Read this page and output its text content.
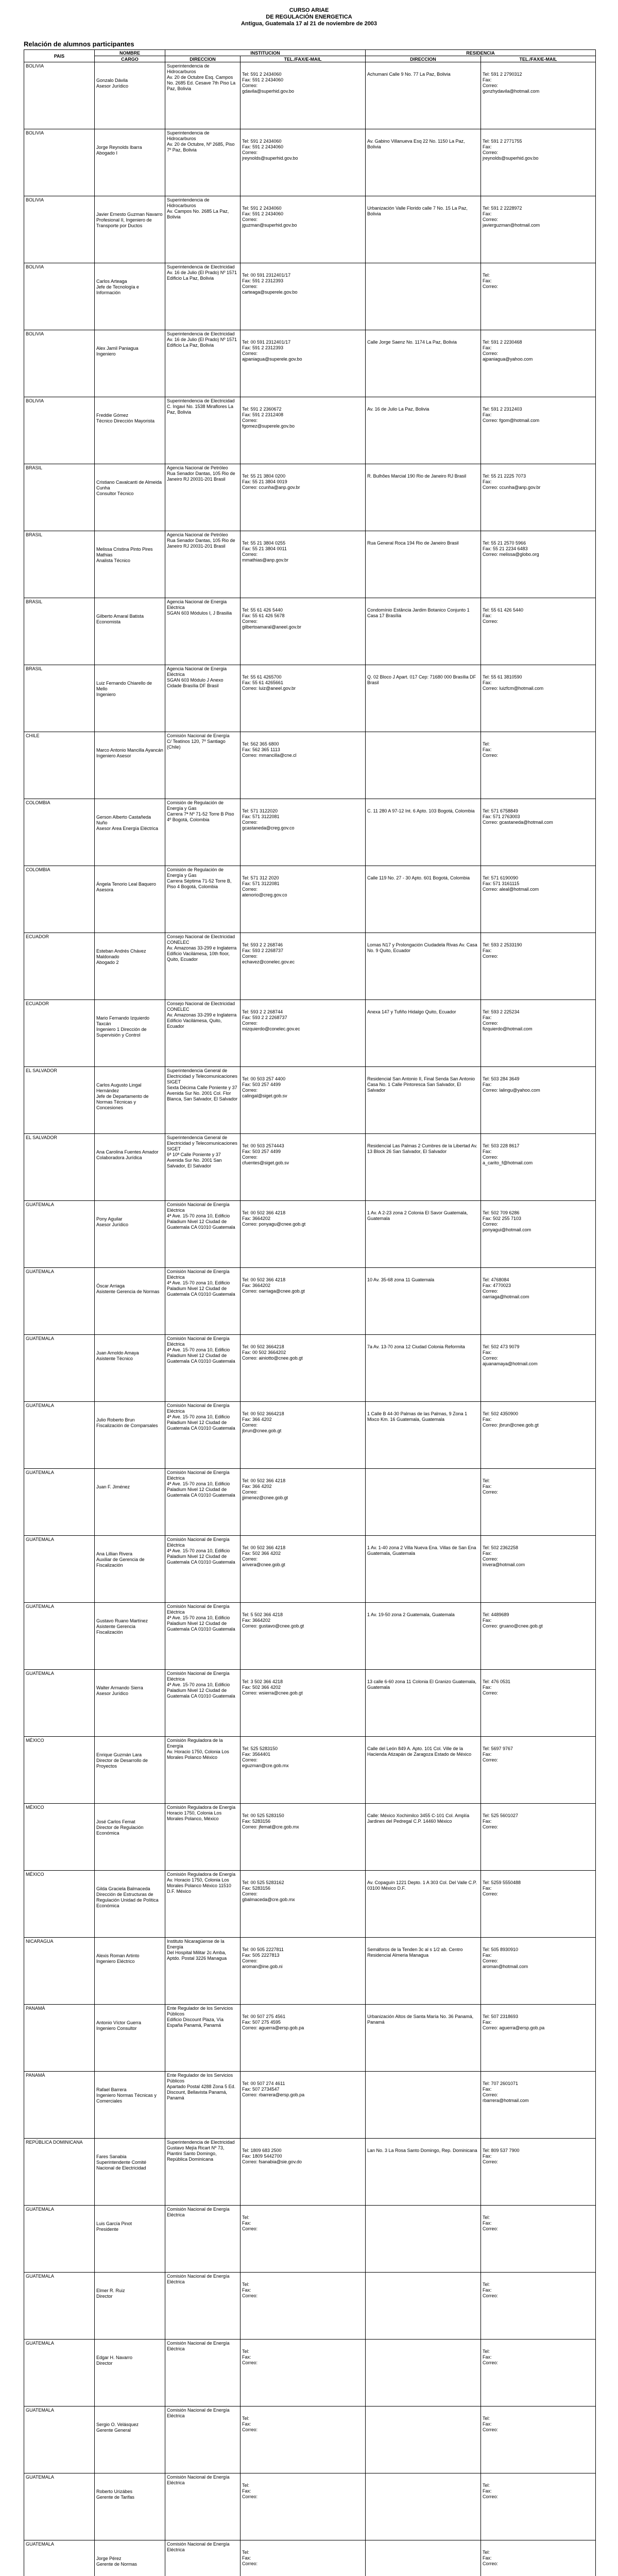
CURSO ARIAE
DE REGULACIÓN ENERGETICA
Antigua, Guatemala 17 al 21 de noviembre de 2003
Relación de alumnos participantes
PAIS	NOMBRE	INSTITUCION		RESIDENCIA	
	CARGO	DIRECCION	TEL./FAX/E-MAIL	DIRECCION	TEL./FAX/E-MAIL
BOLIVIA	Gonzalo Dávila
Asesor Jurídico	Superintendencia de Hidrocarburos
Av. 20 de Octubre Esq. Campos No. 2685 Ed. Cesave 7th Piso La Paz, Bolivia	Tel: 591 2 2434060
Fax: 591 2 2434060
Correo:
gdavila@superhid.gov.bo	Achumani Calle 9 No. 77 La Paz, Bolivia	Tel: 591 2 2790312
Fax:
Correo:
gonzhydavila@hotmail.com

BOLIVIA	Jorge Reynolds Ibarra
Abogado I	Superintendencia de Hidrocarburos
Av. 20 de Octubre, Nº 2685, Piso 7º Paz, Bolivia	Tel: 591 2 2434060
Fax: 591 2 2434060
Correo:
jreynolds@superhid.gov.bo	Av. Gabino Villanueva Esq 22 No. 1150 La Paz, Bolivia	Tel: 591 2 2771755
Fax:
Correo:
jreynolds@superhid.gov.bo

BOLIVIA	Javier Ernesto Guzman Navarro
Profesional II, Ingeniero de Transporte por Ductos	Superintendencia de Hidrocarburos
Av. Campos No. 2685 La Paz, Bolivia	Tel: 591 2 2434060
Fax: 591 2 2434060
Correo:
jguzman@superhid.gov.bo	Urbanización Valle Florido calle 7 No. 15 La Paz, Bolivia	Tel: 591 2 2228972
Fax:
Correo:
javierguzman@hotmail.com

BOLIVIA	Carlos Arteaga
Jefe de Tecnología e Información	Superintendencia de Electricidad
Av. 16 de Julio (El Prado) Nº 1571 Edificio La Paz, Bolivia	Tel: 00 591 2312401/17
Fax: 591 2 2312393
Correo:
carteaga@superele.gov.bo		Tel:
Fax:
Correo:

BOLIVIA	Alex Jamil Paniagua
Ingeniero	Superintendencia de Electricidad
Av. 16 de Julio (El Prado) Nº 1571 Edificio La Paz, Bolivia	Tel: 00 591 2312401/17
Fax: 591 2 2312393
Correo:
ajpaniagua@superele.gov.bo	Calle Jorge Saenz No. 1174 La Paz, Bolivia	Tel: 591 2 2230468
Fax:
Correo:
ajpaniagua@yahoo.com

BOLIVIA	Freddie Gómez
Técnico Dirección Mayorista	Superintendencia de Electricidad
C. Ingavi No. 1538 Miraflores La Paz, Bolivia	Tel: 591 2 2360672
Fax: 591 2 2312408
Correo:
fgomez@superele.gov.bo	Av. 16 de Julio La Paz, Bolivia	Tel: 591 2 2312403
Fax:
Correo: fgom@hotmail.com

BRASIL	Cristiano Cavalcanti de Almeida Cunha
Consultor Técnico	Agencia Nacional de Petróleo
Rua Senador Dantas, 105 Rio de Janeiro RJ 20031-201 Brasil	Tel: 55 21 3804 0200
Fax: 55 21 3804 0019
Correo: ccunha@anp.gov.br	R. Bulhões Marcial 190 Rio de Janeiro RJ Brasil	Tel: 55 21 2225 7073
Fax:
Correo: ccunha@anp.gov.br

BRASIL	Melissa Cristina Pinto Pires Mathias
Analista Técnico	Agencia Nacional de Petróleo
Rua Senador Dantas, 105 Rio de Janeiro RJ 20031-201 Brasil	Tel: 55 21 3804 0255
Fax: 55 21 3804 0011
Correo:
mmathias@anp.gov.br	Rua General Roca 194 Rio de Janeiro Brasil	Tel: 55 21 2570 5966
Fax: 55 21 2234 6483
Correo: melissa@globo.org

BRASIL	Gilberto Amaral Batista
Economista	Agencia Nacional de Energia Eléctrica
SGAN 603 Módulos I, J Brasilia	Tel: 55 61 426 5440
Fax: 55 61 426 5678
Correo:
gilbertoamaral@aneel.gov.br	Condomínio Estância Jardim Botanico Conjunto 1 Casa 17 Brasília	Tel: 55 61 426 5440
Fax:
Correo:

BRASIL	Luiz Fernando Chiarello de Mello
Ingeniero	Agencia Nacional de Energia Eléctrica
SGAN 603 Módulo J Anexo Cidade Brasília DF Brasil	Tel: 55 61 4265700
Fax: 55 61 4265661
Correo: luiz@aneel.gov.br	Q. 02 Bloco J Apart. 017 Cep: 71680 000 Brasília DF Brasil	Tel: 55 61 3810590
Fax:
Correo: luizfcm@hotmail.com

CHILE	Marco Antonio Mancilla Ayancán
Ingeniero Asesor	Comisión Nacional de Energía
C/ Teatinos 120, 7º Santiago (Chile)	Tel: 562 365 6800
Fax: 562 365 1113
Correo: mmancilla@cne.cl		Tel:
Fax:
Correo:

COLOMBIA	Gerson Alberto Castañeda Nuño
Asesor Area Energía Eléctrica	Comisión de Regulación de Energía y Gas
Carrera 7ª Nº 71-52 Torre B Piso 4º Bogotá, Colombia	Tel: 571 3122020
Fax: 571 3122081
Correo:
gcastaneda@creg.gov.co	C. 11 280 A 97-12 Int. 6 Apto. 103 Bogotá, Colombia	Tel: 571 6758849
Fax: 571 2763003
Correo: gcastaneda@hotmail.com

COLOMBIA	Ángela Tenorio Leal Baquero
Asesora	Comisión de Regulación de Energía y Gas
Carrera Séptima 71-52 Torre B, Piso 4 Bogotá, Colombia	Tel: 571 312 2020
Fax: 571 3122081
Correo:
atenorio@creg.gov.co	Calle 119 No. 27 - 30 Apto. 601 Bogotá, Colombia	Tel: 571 6190090
Fax: 571 3161115
Correo: aleal@hotmail.com

ECUADOR	Esteban Andrés Chávez Maldonado
Abogado 2	Consejo Nacional de Electricidad CONELEC
Av. Amazonas 33-299 e Inglaterra Edificio Vacilámesa, 10th floor, Quito, Ecuador	Tel: 593 2 2 268746
Fax: 593 2 2268737
Correo:
echavez@conelec.gov.ec	Lomas N17 y Prolongación Ciudadela Rivas Av. Casa No. 9 Quito, Ecuador	Tel: 593 2 2533190
Fax:
Correo:

ECUADOR	Mario Fernando Izquierdo Taxcán
Ingeniero 1 Dirección de Supervisión y Control	Consejo Nacional de Electricidad CONELEC
Av. Amazonas 33-299 e Inglaterra Edificio Vacilámesa, Quito, Ecuador	Tel: 593 2 2 268744
Fax: 593 2 2 2268737
Correo:
mizquierdo@conelec.gov.ec	Anexa 147 y Tufiño Hidalgo Quito, Ecuador	Tel: 593 2 225234
Fax:
Correo:
fizquierdo@hotmail.com

EL SALVADOR	Carlos Augusto Lingal Hernández
Jefe de Departamento de Normas Técnicas y Concesiones	Superintendencia General de Electricidad y Telecomunicaciones SIGET
Sexta Décima Calle Poniente y 37 Avenida Sur No. 2001 Col. Flor Blanca, San Salvador, El Salvador	Tel: 00 503 257 4400
Fax: 503 257 4499
Correo:
calingal@siget.gob.sv	Residencial San Antonio II, Final Senda San Antonio Casa No. 1 Calle Pintoresca San Salvador, El Salvador	Tel: 503 284 3649
Fax:
Correo: lalingu@yahoo.com

EL SALVADOR	Ana Carolina Fuentes Amador
Colaboradora Jurídica	Superintendencia General de Electricidad y Telecomunicaciones SIGET
6ª 10ª Calle Poniente y 37 Avenida Sur No. 2001 San Salvador, El Salvador	Tel: 00 503 2574443
Fax: 503 257 4499
Correo:
cfuentes@siget.gob.sv	Residencial Las Palmas 2 Cumbres de la Libertad Av. 13 Block 26 San Salvador, El Salvador	Tel: 503 228 8617
Fax:
Correo:
a_carito_f@hotmail.com

GUATEMALA	Pony Aguilar
Asesor Jurídico	Comisión Nacional de Energía Eléctrica
4ª Ave. 15-70 zona 10, Edificio Paladium Nivel 12 Ciudad de Guatemala CA 01010 Guatemala	Tel: 00 502 366 4218
Fax: 3664202
Correo: ponyagu@cnee.gob.gt	1 Av. A 2-23 zona 2 Colonia El Savor Guatemala, Guatemala	Tel: 502 709 6286
Fax: 502 255 7103
Correo:
ponyagui@hotmail.com

GUATEMALA	Óscar Arriaga
Asistente Gerencia de Normas	Comisión Nacional de Energía Eléctrica
4ª Ave. 15-70 zona 10, Edificio Paladium Nivel 12 Ciudad de Guatemala CA 01010 Guatemala	Tel: 00 502 366 4218
Fax: 3664202
Correo: oarriaga@cnee.gob.gt	10 Av. 35-68 zona 11 Guatemala	Tel: 4768084
Fax: 4770023
Correo:
oarriaga@hotmail.com

GUATEMALA	Juan Arnoldo Amaya
Asistente Técnico	Comisión Nacional de Energía Eléctrica
4ª Ave. 15-70 zona 10, Edificio Paladium Nivel 12 Ciudad de Guatemala CA 01010 Guatemala	Tel: 00 502 3664218
Fax: 00 502 3664202
Correo: ainiotto@cnee.gob.gt	7a Av. 13-70 zona 12 Ciudad Colonia Reformita	Tel: 502 473 9079
Fax:
Correo:
ajuanamaya@hotmail.com

GUATEMALA	Julio Roberto Brun
Fiscalización de Comparsales	Comisión Nacional de Energía Eléctrica
4ª Ave. 15-70 zona 10, Edificio Paladium Nivel 12 Ciudad de Guatemala CA 01010 Guatemala	Tel: 00 502 3664218
Fax: 366 4202
Correo:
jbrun@cnee.gob.gt	1 Calle B 44-30 Palmas de las Palmas, 9 Zona 1 Mixco Km. 16 Guatemala, Guatemala	Tel: 502 4350900
Fax:
Correo: jbrun@cnee.gob.gt

GUATEMALA	Juan F. Jiménez	Comisión Nacional de Energía Eléctrica
4ª Ave. 15-70 zona 10, Edificio Paladium Nivel 12 Ciudad de Guatemala CA 01010 Guatemala	Tel: 00 502 366 4218
Fax: 366 4202
Correo:
jjimenez@cnee.gob.gt		Tel:
Fax:
Correo:

GUATEMALA	Ana Lillian Rivera
Auxiliar de Gerencia de Fiscalización	Comisión Nacional de Energía Eléctrica
4ª Ave. 15-70 zona 10, Edificio Paladium Nivel 12 Ciudad de Guatemala CA 01010 Guatemala	Tel: 00 502 366 4218
Fax: 502 366 4202
Correo:
arivera@cnee.gob.gt	1 Av. 1-40 zona 2 Villa Nueva Ena. Villas de San Ena Guatemala, Guatemala	Tel: 502 2362258
Fax:
Correo:
lrivera@hotmail.com

GUATEMALA	Gustavo Ruano Martínez
Asistente Gerencia Fiscalización	Comisión Nacional de Energía Eléctrica
4ª Ave. 15-70 zona 10, Edificio Paladium Nivel 12 Ciudad de Guatemala CA 01010 Guatemala	Tel: 5 502 366 4218
Fax: 3664202
Correo: gustavo@cnee.gob.gt	1 Av. 19-50 zona 2 Guatemala, Guatemala	Tel: 4489689
Fax:
Correo: gruano@cnee.gob.gt

GUATEMALA	Walter Armando Sierra
Asesor Jurídico	Comisión Nacional de Energía Eléctrica
4ª Ave. 15-70 zona 10, Edificio Paladium Nivel 12 Ciudad de Guatemala CA 01010 Guatemala	Tel: 3 502 366 4218
Fax: 502 366 4202
Correo: wsierra@cnee.gob.gt	13 calle 6-60 zona 11 Colonia El Granizo Guatemala, Guatemala	Tel: 476 0531
Fax:
Correo:

MÉXICO	Enrique Guzmán Lara
Director de Desarrollo de Proyectos	Comisión Reguladora de la Energía
Av. Horacio 1750, Colonia Los Morales Polanco México	Tel: 525 5283150
Fax: 3564401
Correo:
eguzman@cre.gob.mx	Calle del León 849 A. Apto. 101 Col. Ville de la Hacienda Atizapán de Zaragoza Estado de México	Tel: 5697 9767
Fax:
Correo:

MÉXICO	José Carlos Femat
Director de Regulación Económica	Comisión Reguladora de Energía
Horacio 1750, Colonia Los Morales Polanco, México	Tel: 00 525 5283150
Fax: 5283156
Correo: jfemat@cre.gob.mx	Calle: México Xochimilco 3455 C-101 Col. Amplía Jardines del Pedregal C.P. 14460 México	Tel: 525 5601027
Fax:
Correo:

MÉXICO	Gilda Graciela Balmaceda
Dirección de Estructuras de Regulación Unidad de Política Económica	Comisión Reguladora de Energía
Av. Horacio 1750, Colonia Los Morales Polanco México 11510 D.F. México	Tel: 00 525 5283162
Fax: 5283156
Correo:
gbalmaceda@cre.gob.mx	Av. Copaguín 1221 Depto. 1 A 303 Col. Del Valle C.P. 03100 México D.F.	Tel: 5259 5550488
Fax:
Correo:

NICARAGUA	Alexis Roman Artinto
Ingeniero Eléctrico	Instituto Nicaragüense de la Energía
Del Hospital Militar 2c Amba, Aptdo. Postal 3226 Managua	Tel: 00 505 2227811
Fax: 505 2227813
Correo:
aroman@ine.gob.ni	Semáforos de la Tenden 3c al s 1/2 ab. Centro Residencial Almeria Managua	Tel: 505 8930910
Fax:
Correo:
aroman@hotmail.com

PANAMÁ	Antonio Víctor Guerra
Ingeniero Consultor	Ente Regulador de los Servicios Públicos
Edificio Discount Plaza, Vía España Panamá, Panamá	Tel: 00 507 275 4561
Fax: 507 275 4595
Correo: aguerra@ersp.gob.pa	Urbanización Altos de Santa María No. 36 Panamá, Panamá	Tel: 507 2318693
Fax:
Correo: aguerra@ersp.gob.pa

PANAMÁ	Rafael Barrera
Ingeniero Normas Técnicas y Comerciales	Ente Regulador de los Servicios Públicos
Apartado Postal 4288 Zona 5 Ed. Discount, Bellavista Panamá, Panamá	Tel: 00 507 274 4611
Fax: 507 2734547
Correo: rbarrera@ersp.gob.pa		Tel: 707 2601071
Fax:
Correo:
rbarrera@hotmail.com

REPÚBLICA DOMINICANA	Fares Sanabia
Superintendente Comité Nacional de Electricidad	Superintendencia de Electricidad
Gustavo Mejía Ricart Nº 73, Piantini Santo Domingo, República Dominicana	Tel: 1809 683 2500
Fax: 1809 5442700
Correo: fsanabia@sie.gov.do	Lan No. 3 La Rosa Santo Domingo, Rep. Dominicana	Tel: 809 537 7900
Fax:
Correo:

GUATEMALA	Luis García Pinot
Presidente	Comisión Nacional de Energía Eléctrica	Tel:
Fax:
Correo:		Tel:
Fax:
Correo:

GUATEMALA	Elmer R. Ruiz
Director	Comisión Nacional de Energía Eléctrica	Tel:
Fax:
Correo:		Tel:
Fax:
Correo:

GUATEMALA	Edgar H. Navarro
Director	Comisión Nacional de Energía Eléctrica	Tel:
Fax:
Correo:		Tel:
Fax:
Correo:

GUATEMALA	Sergio O. Velásquez
Gerente General	Comisión Nacional de Energía Eléctrica	Tel:
Fax:
Correo:		Tel:
Fax:
Correo:

GUATEMALA	Roberto Urizábes
Gerente de Tarifas	Comisión Nacional de Energía Eléctrica	Tel:
Fax:
Correo:		Tel:
Fax:
Correo:

GUATEMALA	Jorge Pérez
Gerente de Normas	Comisión Nacional de Energía Eléctrica	Tel:
Fax:
Correo:		Tel:
Fax:
Correo:
